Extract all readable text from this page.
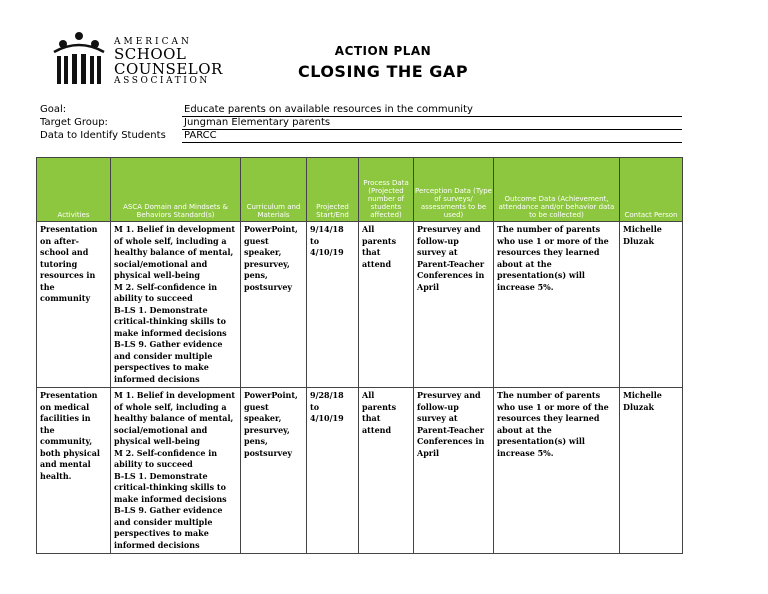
AMERICAN
SCHOOL
COUNSELOR
ASSOCIATION
ACTION PLAN
CLOSING THE GAP
Goal:	Educate parents on available resources in the community
Target Group:	Jungman Elementary parents
Data to Identify Students	PARCC
Activities	ASCA Domain and Mindsets & Behaviors Standard(s)	Curriculum and Materials	Projected Start/End	Process Data (Projected number of students affected)	Perception Data (Type of surveys/ assessments to be used)	Outcome Data (Achievement, attendance and/or behavior data to be collected)	Contact Person
Presentation on after-school and tutoring resources in the community	M 1. Belief in development of whole self, including a healthy balance of mental, social/emotional and physical well-being
M 2. Self-confidence in ability to succeed
B-LS 1. Demonstrate critical-thinking skills to make informed decisions
B-LS 9. Gather evidence and consider multiple perspectives to make informed decisions	PowerPoint, guest speaker, presurvey, pens, postsurvey	9/14/18 to 4/10/19	All parents that attend	Presurvey and follow-up survey at Parent-Teacher Conferences in April	The number of parents who use 1 or more of the resources they learned about at the presentation(s) will increase 5%.	Michelle Dluzak
Presentation on medical facilities in the community, both physical and mental health.	M 1. Belief in development of whole self, including a healthy balance of mental, social/emotional and physical well-being
M 2. Self-confidence in ability to succeed
B-LS 1. Demonstrate critical-thinking skills to make informed decisions
B-LS 9. Gather evidence and consider multiple perspectives to make informed decisions	PowerPoint, guest speaker, presurvey, pens, postsurvey	9/28/18 to 4/10/19	All parents that attend	Presurvey and follow-up survey at Parent-Teacher Conferences in April	The number of parents who use 1 or more of the resources they learned about at the presentation(s) will increase 5%.	Michelle Dluzak
